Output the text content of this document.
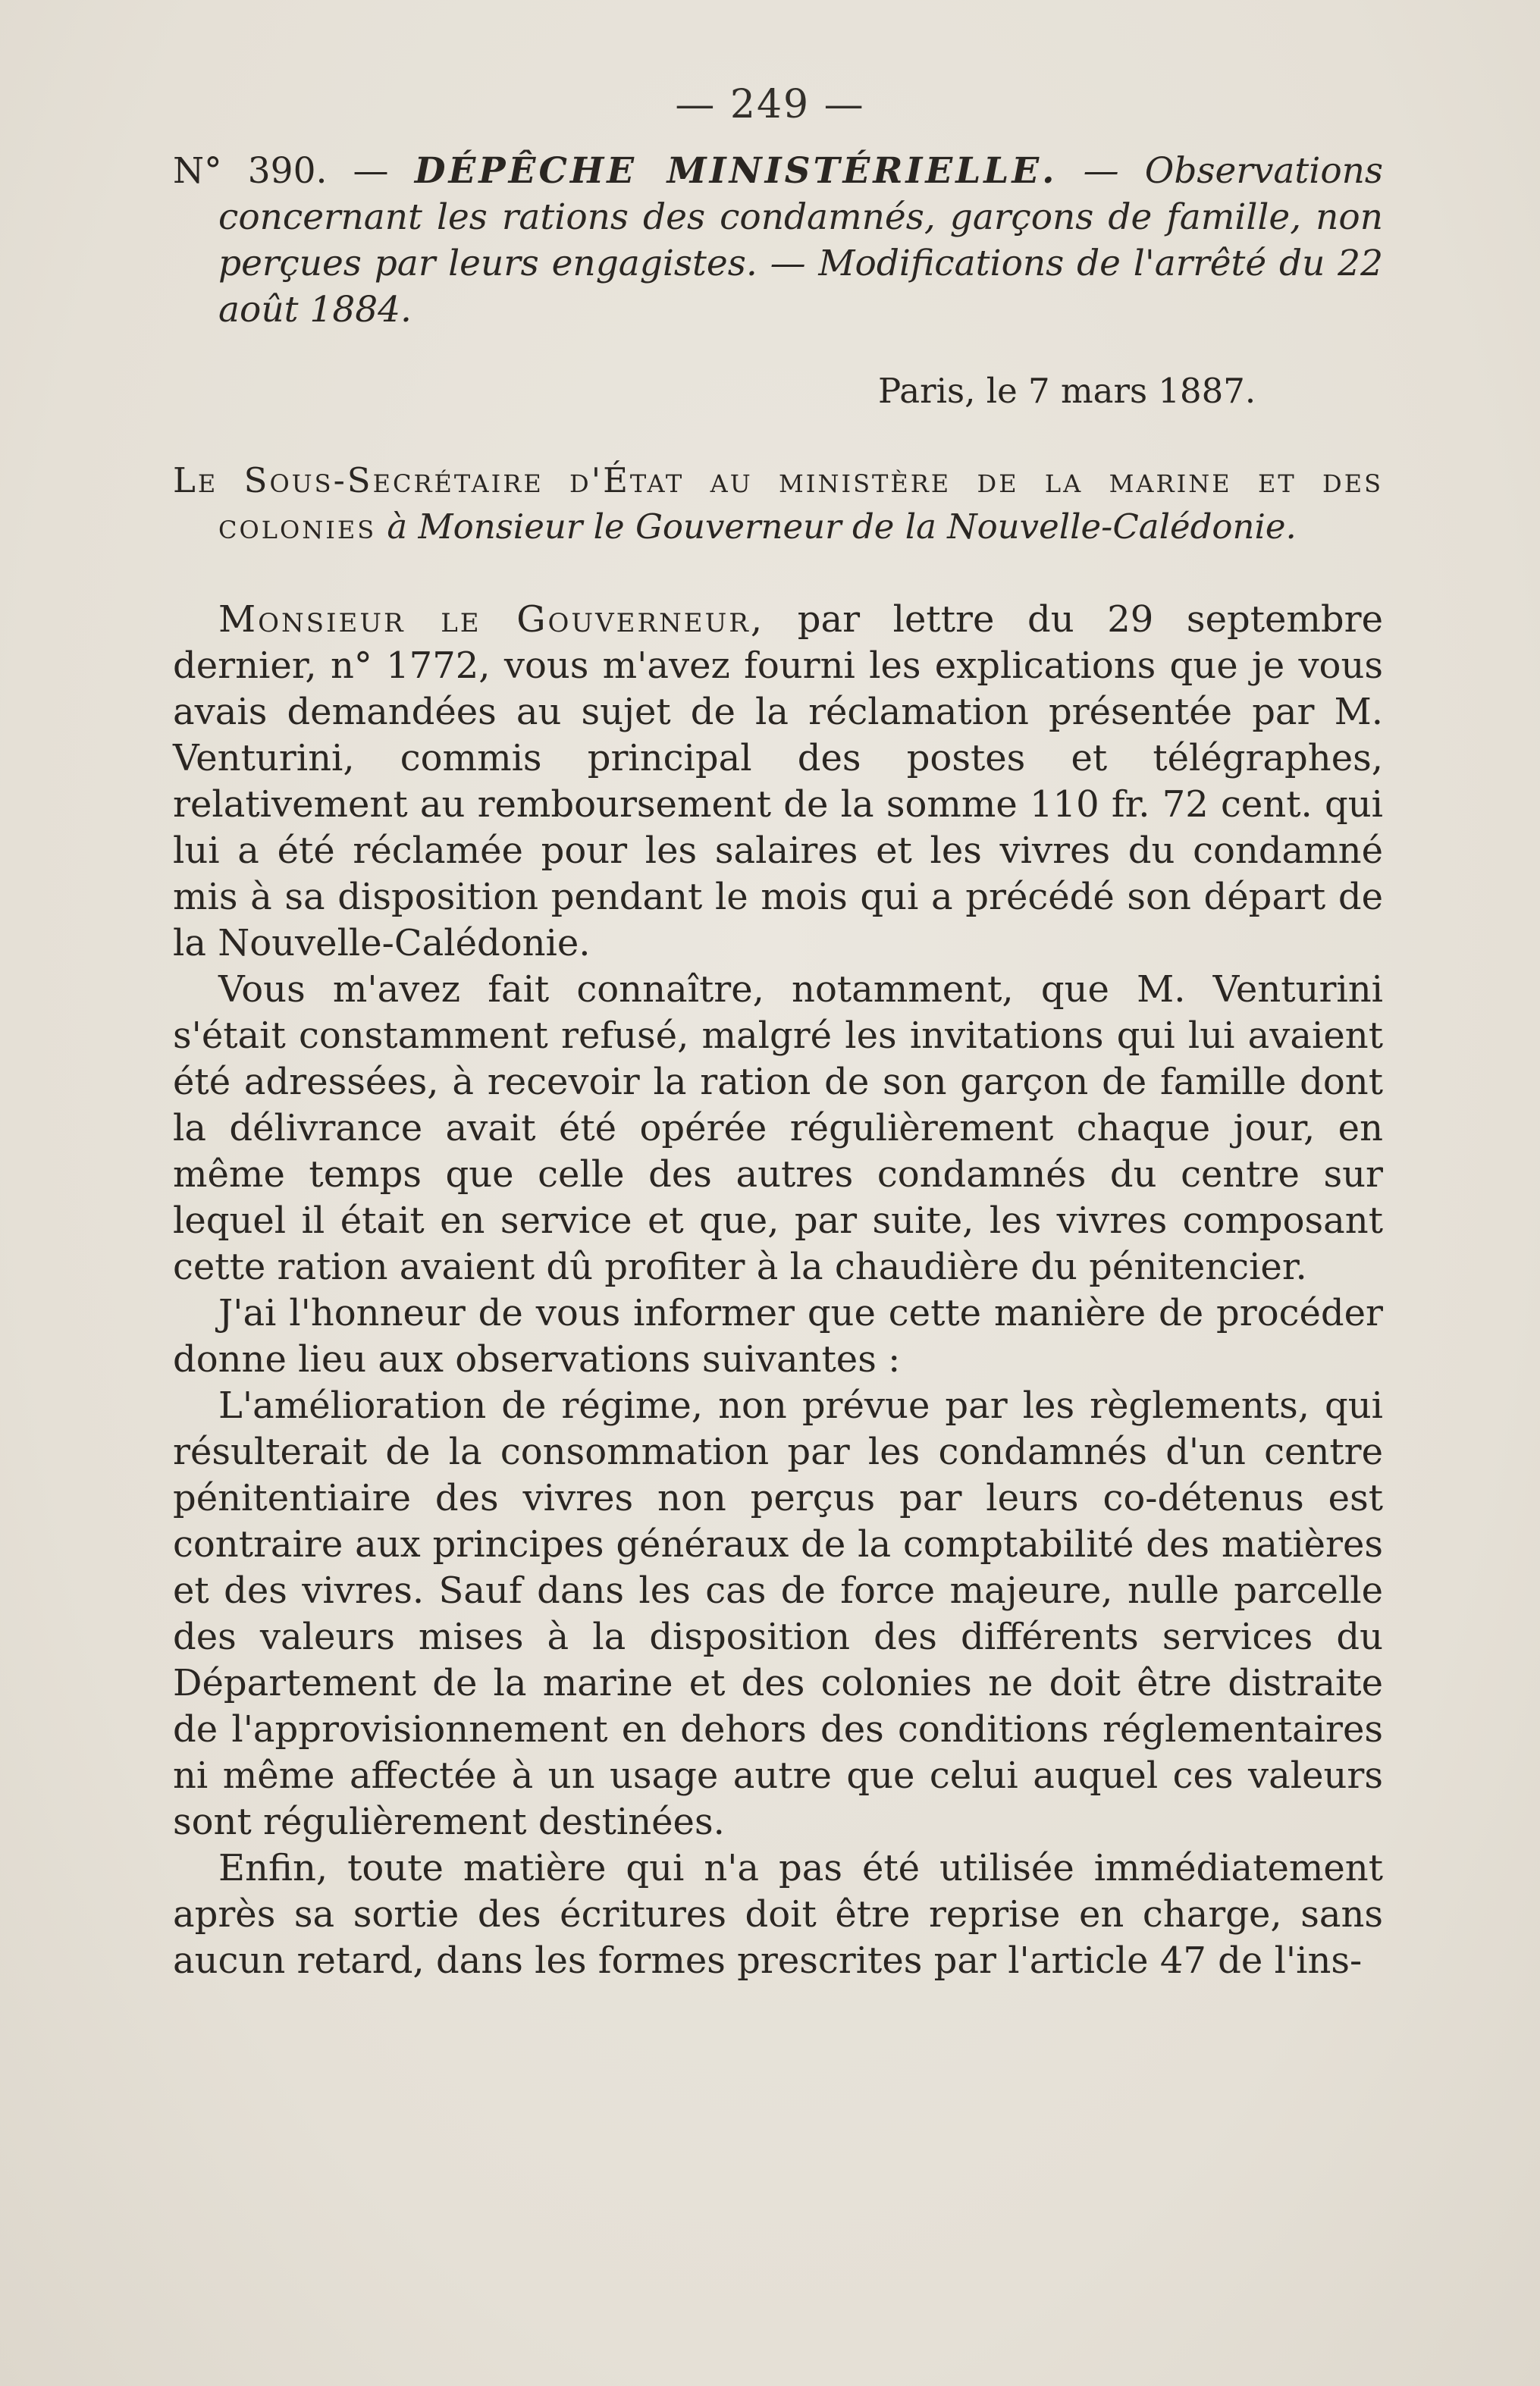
— 249 —

N° 390. — DÉPÊCHE MINISTÉRIELLE. — Observations concernant les rations des condamnés, garçons de famille, non perçues par leurs engagistes. — Modifications de l'arrêté du 22 août 1884.

Paris, le 7 mars 1887.

Le Sous-Secrétaire d'État au ministère de la marine et des colonies à Monsieur le Gouverneur de la Nouvelle-Calédonie.

Monsieur le Gouverneur, par lettre du 29 septembre dernier, n° 1772, vous m'avez fourni les explications que je vous avais demandées au sujet de la réclamation présentée par M. Venturini, commis principal des postes et télégraphes, relativement au remboursement de la somme 110 fr. 72 cent. qui lui a été réclamée pour les salaires et les vivres du condamné mis à sa disposition pendant le mois qui a précédé son départ de la Nouvelle-Calédonie.

Vous m'avez fait connaître, notamment, que M. Venturini s'était constamment refusé, malgré les invitations qui lui avaient été adressées, à recevoir la ration de son garçon de famille dont la délivrance avait été opérée régulièrement chaque jour, en même temps que celle des autres condamnés du centre sur lequel il était en service et que, par suite, les vivres composant cette ration avaient dû profiter à la chaudière du pénitencier.

J'ai l'honneur de vous informer que cette manière de procéder donne lieu aux observations suivantes :

L'amélioration de régime, non prévue par les règlements, qui résulterait de la consommation par les condamnés d'un centre pénitentiaire des vivres non perçus par leurs co-détenus est contraire aux principes généraux de la comptabilité des matières et des vivres. Sauf dans les cas de force majeure, nulle parcelle des valeurs mises à la disposition des différents services du Département de la marine et des colonies ne doit être distraite de l'approvisionnement en dehors des conditions réglementaires ni même affectée à un usage autre que celui auquel ces valeurs sont régulièrement destinées.

Enfin, toute matière qui n'a pas été utilisée immédiatement après sa sortie des écritures doit être reprise en charge, sans aucun retard, dans les formes prescrites par l'article 47 de l'ins-
